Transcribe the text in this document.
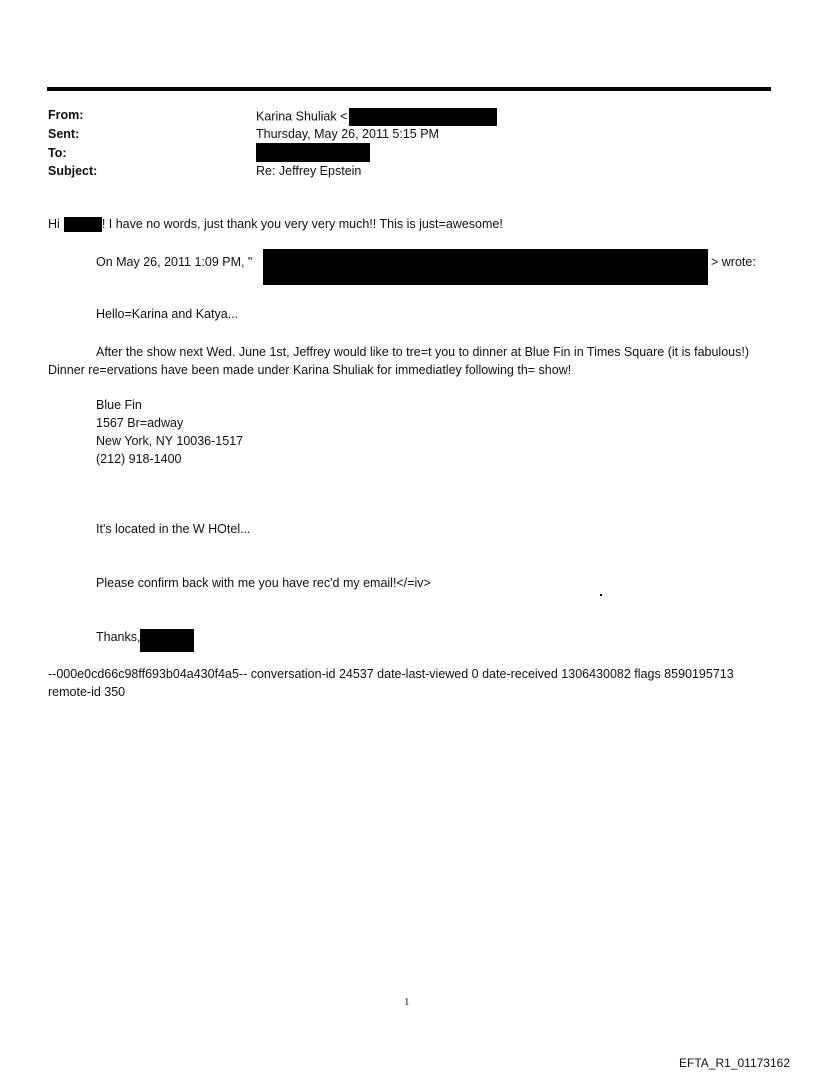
From:	Karina Shuliak <
Sent:	Thursday, May 26, 2011 5:15 PM
To:
Subject:	Re: Jeffrey Epstein
Hi	! I have no words, just thank you very very much!! This is just=awesome!
On May 26, 2011 1:09 PM, "	> wrote:
Hello=Karina and Katya...
After the show next Wed. June 1st, Jeffrey would like to tre=t you to dinner at Blue Fin in Times Square (it is fabulous!) Dinner re=ervations have been made under Karina Shuliak for immediatley following th= show!
Blue Fin
1567 Br=adway
New York, NY 10036-1517
(212) 918-1400
It's located in the W HOtel...
Please confirm back with me you have rec'd my email!</=iv>
Thanks,
--000e0cd66c98ff693b04a430f4a5-- conversation-id 24537 date-last-viewed 0 date-received 1306430082 flags 8590195713 remote-id 350
1
EFTA_R1_01173162
